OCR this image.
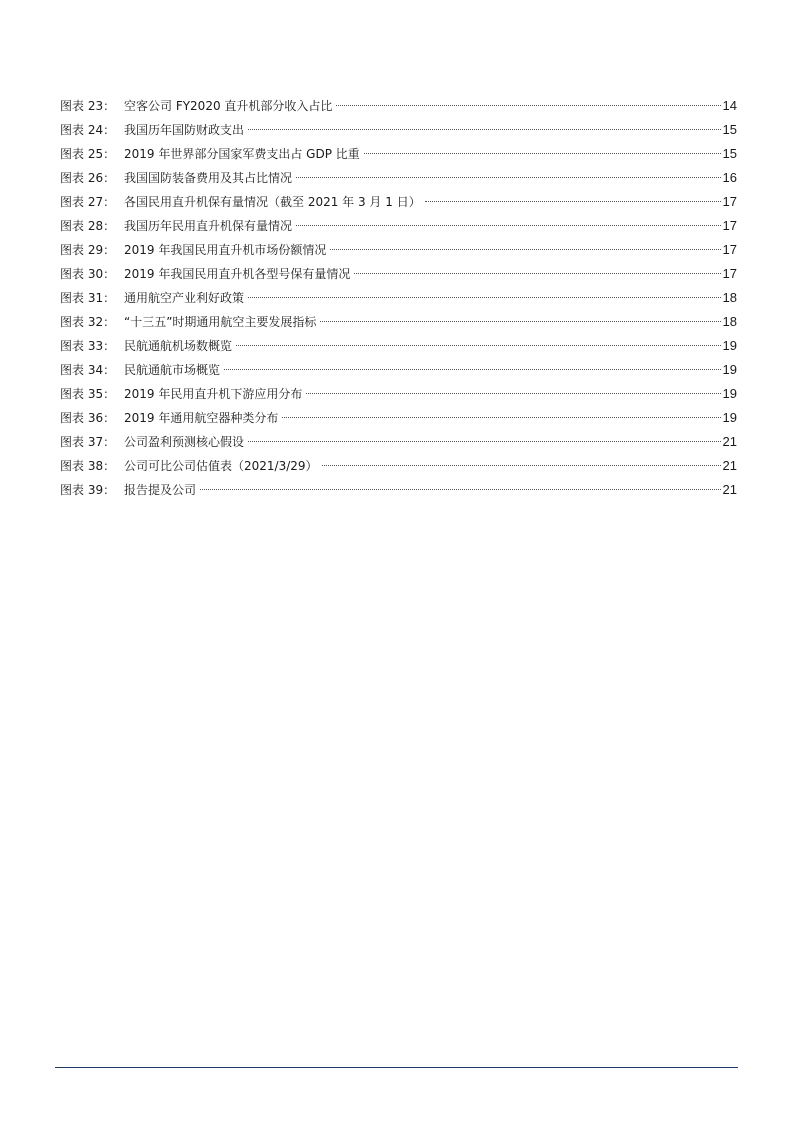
图表 23： 空客公司 FY2020 直升机部分收入占比	14
图表 24： 我国历年国防财政支出	15
图表 25： 2019 年世界部分国家军费支出占 GDP 比重	15
图表 26： 我国国防装备费用及其占比情况	16
图表 27： 各国民用直升机保有量情况（截至 2021 年 3 月 1 日）	17
图表 28： 我国历年民用直升机保有量情况	17
图表 29： 2019 年我国民用直升机市场份额情况	17
图表 30： 2019 年我国民用直升机各型号保有量情况	17
图表 31： 通用航空产业利好政策	18
图表 32： “十三五”时期通用航空主要发展指标	18
图表 33： 民航通航机场数概览	19
图表 34： 民航通航市场概览	19
图表 35： 2019 年民用直升机下游应用分布	19
图表 36： 2019 年通用航空器种类分布	19
图表 37： 公司盈利预测核心假设	21
图表 38： 公司可比公司估值表（2021/3/29）	21
图表 39： 报告提及公司	21
